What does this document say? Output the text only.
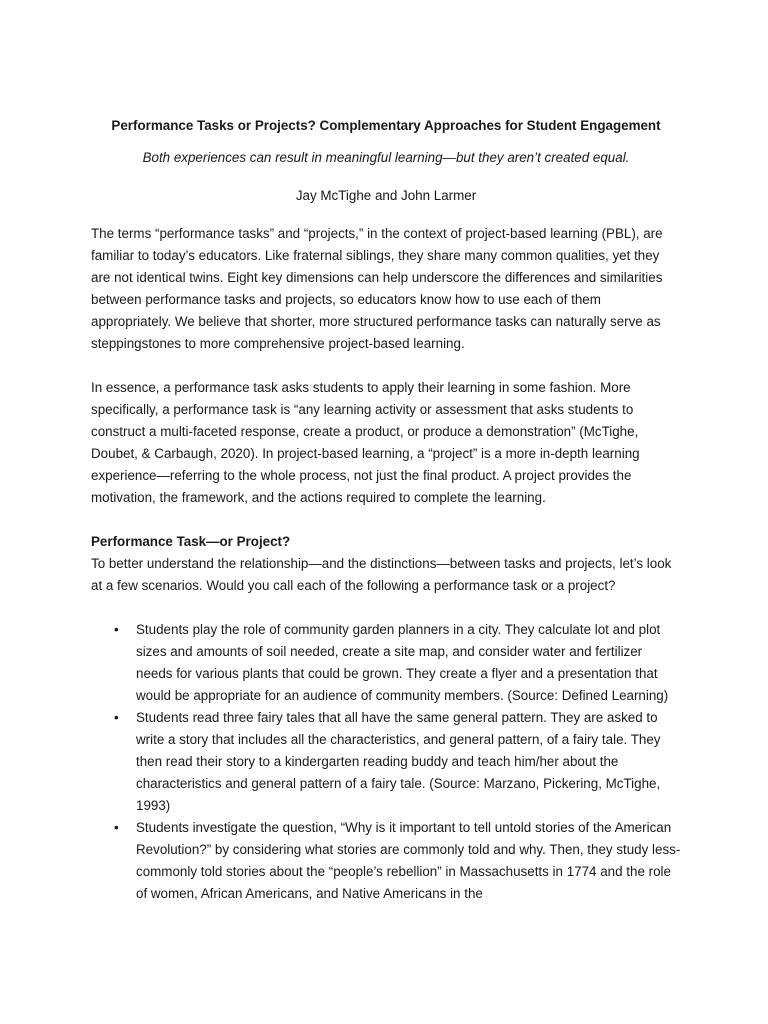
Performance Tasks or Projects? Complementary Approaches for Student Engagement

Both experiences can result in meaningful learning—but they aren’t created equal.

Jay McTighe and John Larmer

The terms “performance tasks” and “projects,” in the context of project-based learning (PBL), are familiar to today’s educators. Like fraternal siblings, they share many common qualities, yet they are not identical twins. Eight key dimensions can help underscore the differences and similarities between performance tasks and projects, so educators know how to use each of them appropriately. We believe that shorter, more structured performance tasks can naturally serve as steppingstones to more comprehensive project-based learning.

In essence, a performance task asks students to apply their learning in some fashion. More specifically, a performance task is “any learning activity or assessment that asks students to construct a multi-faceted response, create a product, or produce a demonstration” (McTighe, Doubet, & Carbaugh, 2020). In project-based learning, a “project” is a more in-depth learning experience—referring to the whole process, not just the final product. A project provides the motivation, the framework, and the actions required to complete the learning.

Performance Task—or Project?

To better understand the relationship—and the distinctions—between tasks and projects, let’s look at a few scenarios. Would you call each of the following a performance task or a project?

• Students play the role of community garden planners in a city. They calculate lot and plot sizes and amounts of soil needed, create a site map, and consider water and fertilizer needs for various plants that could be grown. They create a flyer and a presentation that would be appropriate for an audience of community members. (Source: Defined Learning)
• Students read three fairy tales that all have the same general pattern. They are asked to write a story that includes all the characteristics, and general pattern, of a fairy tale. They then read their story to a kindergarten reading buddy and teach him/her about the characteristics and general pattern of a fairy tale. (Source: Marzano, Pickering, McTighe, 1993)
• Students investigate the question, “Why is it important to tell untold stories of the American Revolution?” by considering what stories are commonly told and why. Then, they study less-commonly told stories about the “people’s rebellion” in Massachusetts in 1774 and the role of women, African Americans, and Native Americans in the
